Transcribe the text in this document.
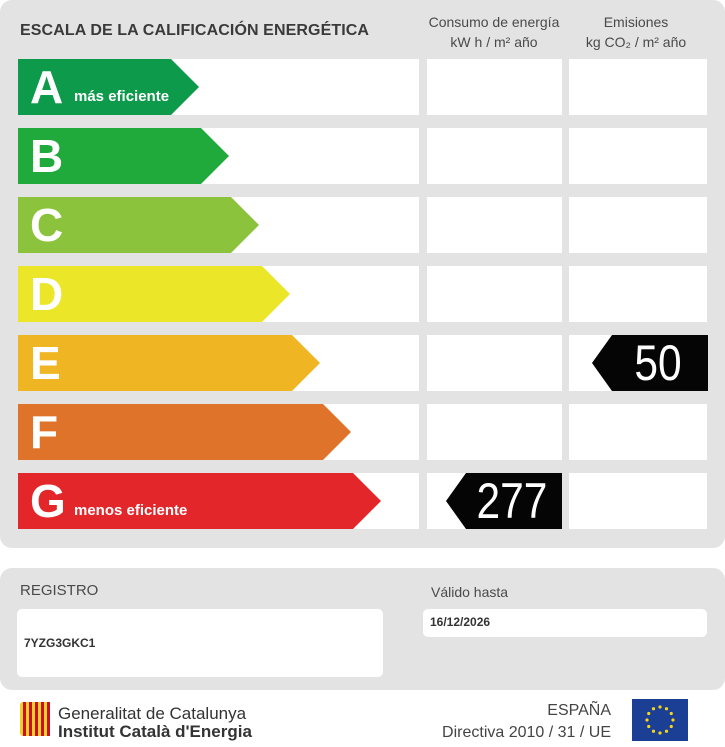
ESCALA DE LA CALIFICACIÓN ENERGÉTICA	Consumo de energía
kW h / m² año
Emisiones
kg CO₂ / m² año
A más eficiente
B
C
D
E
F
G menos eficiente	277
50
REGISTRO
7YZG3GKC1
Válido hasta
16/12/2026
Generalitat de Catalunya
Institut Català d'Energia
ESPAÑA
Directiva 2010 / 31 / UE
